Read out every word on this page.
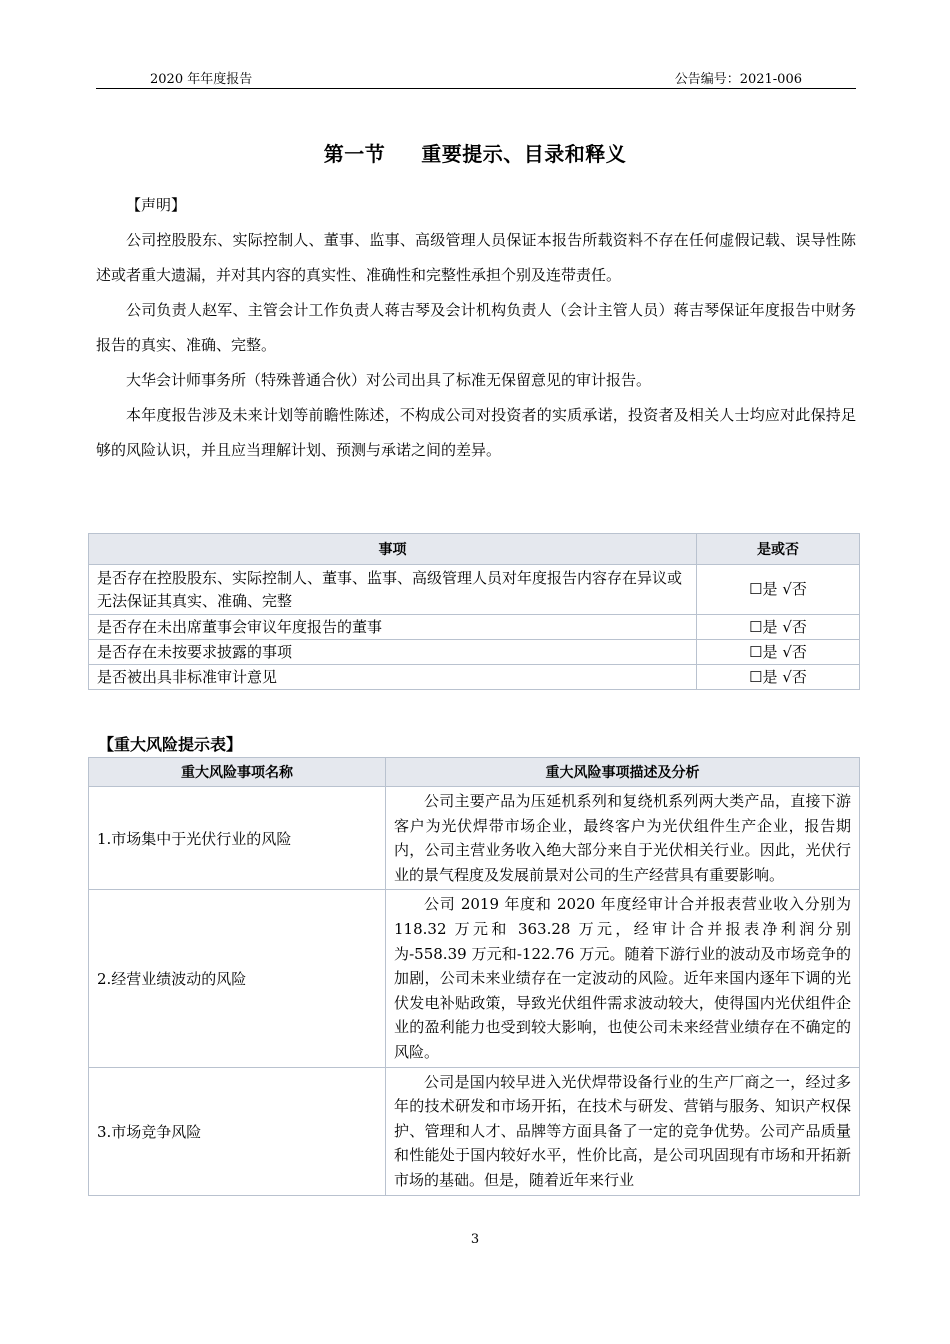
2020 年年度报告	公告编号：2021-006
第一节 重要提示、目录和释义

【声明】

公司控股股东、实际控制人、董事、监事、高级管理人员保证本报告所载资料不存在任何虚假记载、误导性陈述或者重大遗漏，并对其内容的真实性、准确性和完整性承担个别及连带责任。

公司负责人赵军、主管会计工作负责人蒋吉琴及会计机构负责人（会计主管人员）蒋吉琴保证年度报告中财务报告的真实、准确、完整。

大华会计师事务所（特殊普通合伙）对公司出具了标准无保留意见的审计报告。

本年度报告涉及未来计划等前瞻性陈述，不构成公司对投资者的实质承诺，投资者及相关人士均应对此保持足够的风险认识，并且应当理解计划、预测与承诺之间的差异。

事项	是或否
是否存在控股股东、实际控制人、董事、监事、高级管理人员对年度报告内容存在异议或无法保证其真实、准确、完整	☐是 √否
是否存在未出席董事会审议年度报告的董事	☐是 √否
是否存在未按要求披露的事项	☐是 √否
是否被出具非标准审计意见	☐是 √否
【重大风险提示表】
重大风险事项名称	重大风险事项描述及分析
1.市场集中于光伏行业的风险	公司主要产品为压延机系列和复绕机系列两大类产品，直接下游客户为光伏焊带市场企业，最终客户为光伏组件生产企业，报告期内，公司主营业务收入绝大部分来自于光伏相关行业。因此，光伏行业的景气程度及发展前景对公司的生产经营具有重要影响。
2.经营业绩波动的风险	公司 2019 年度和 2020 年度经审计合并报表营业收入分别为 118.32 万元和 363.28 万元，经审计合并报表净利润分别为-558.39 万元和-122.76 万元。随着下游行业的波动及市场竞争的加剧，公司未来业绩存在一定波动的风险。近年来国内逐年下调的光伏发电补贴政策，导致光伏组件需求波动较大，使得国内光伏组件企业的盈利能力也受到较大影响，也使公司未来经营业绩存在不确定的风险。
3.市场竞争风险	公司是国内较早进入光伏焊带设备行业的生产厂商之一，经过多年的技术研发和市场开拓，在技术与研发、营销与服务、知识产权保护、管理和人才、品牌等方面具备了一定的竞争优势。公司产品质量和性能处于国内较好水平，性价比高，是公司巩固现有市场和开拓新市场的基础。但是，随着近年来行业
3
